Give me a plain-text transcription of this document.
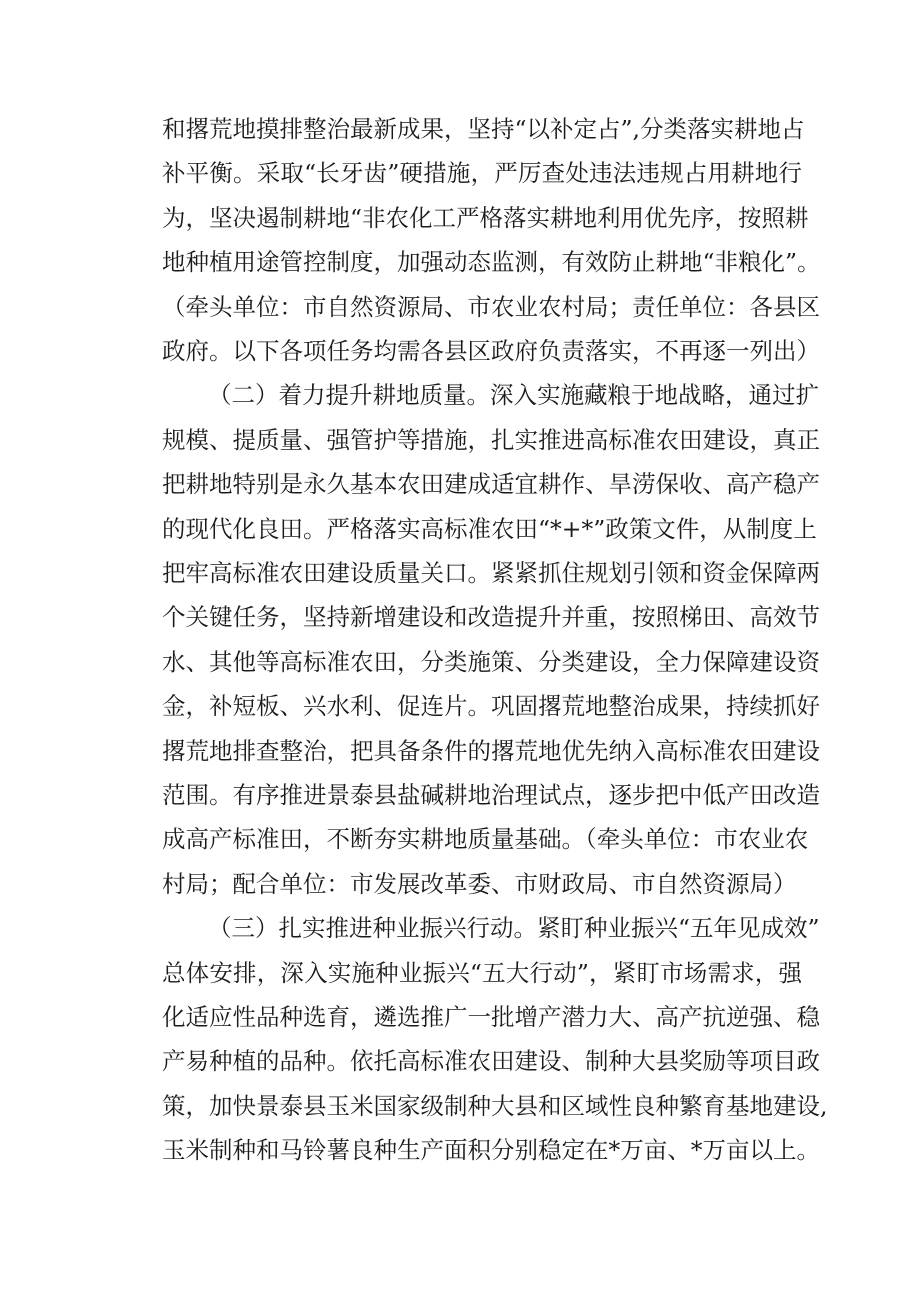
和撂荒地摸排整治最新成果，坚持“以补定占”,分类落实耕地占
补平衡。采取“长牙齿”硬措施，严厉查处违法违规占用耕地行
为，坚决遏制耕地“非农化工严格落实耕地利用优先序，按照耕
地种植用途管控制度，加强动态监测，有效防止耕地“非粮化”。
（牵头单位：市自然资源局、市农业农村局；责任单位：各县区
政府。以下各项任务均需各县区政府负责落实，不再逐一列出）
（二）着力提升耕地质量。深入实施藏粮于地战略，通过扩
规模、提质量、强管护等措施，扎实推进高标准农田建设，真正
把耕地特别是永久基本农田建成适宜耕作、旱涝保收、高产稳产
的现代化良田。严格落实高标准农田“*+*”政策文件，从制度上
把牢高标准农田建设质量关口。紧紧抓住规划引领和资金保障两
个关键任务，坚持新增建设和改造提升并重，按照梯田、高效节
水、其他等高标准农田，分类施策、分类建设，全力保障建设资
金，补短板、兴水利、促连片。巩固撂荒地整治成果，持续抓好
撂荒地排查整治，把具备条件的撂荒地优先纳入高标准农田建设
范围。有序推进景泰县盐碱耕地治理试点，逐步把中低产田改造
成高产标准田，不断夯实耕地质量基础。（牵头单位：市农业农
村局；配合单位：市发展改革委、市财政局、市自然资源局）
（三）扎实推进种业振兴行动。紧盯种业振兴“五年见成效”
总体安排，深入实施种业振兴“五大行动”，紧盯市场需求，强
化适应性品种选育，遴选推广一批增产潜力大、高产抗逆强、稳
产易种植的品种。依托高标准农田建设、制种大县奖励等项目政
策，加快景泰县玉米国家级制种大县和区域性良种繁育基地建设,
玉米制种和马铃薯良种生产面积分别稳定在*万亩、*万亩以上。
